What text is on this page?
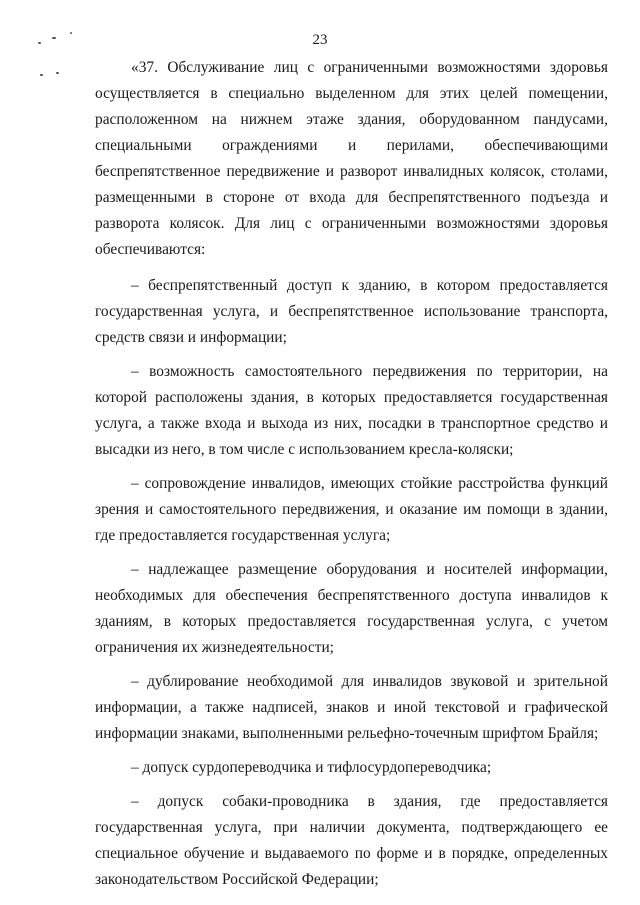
23

«37. Обслуживание лиц с ограниченными возможностями здоровья осуществляется в специально выделенном для этих целей помещении, расположенном на нижнем этаже здания, оборудованном пандусами, специальными ограждениями и перилами, обеспечивающими беспрепятственное передвижение и разворот инвалидных колясок, столами, размещенными в стороне от входа для беспрепятственного подъезда и разворота колясок. Для лиц с ограниченными возможностями здоровья обеспечиваются:

– беспрепятственный доступ к зданию, в котором предоставляется государственная услуга, и беспрепятственное использование транспорта, средств связи и информации;

– возможность самостоятельного передвижения по территории, на которой расположены здания, в которых предоставляется государственная услуга, а также входа и выхода из них, посадки в транспортное средство и высадки из него, в том числе с использованием кресла-коляски;

– сопровождение инвалидов, имеющих стойкие расстройства функций зрения и самостоятельного передвижения, и оказание им помощи в здании, где предоставляется государственная услуга;

– надлежащее размещение оборудования и носителей информации, необходимых для обеспечения беспрепятственного доступа инвалидов к зданиям, в которых предоставляется государственная услуга, с учетом ограничения их жизнедеятельности;

– дублирование необходимой для инвалидов звуковой и зрительной информации, а также надписей, знаков и иной текстовой и графической информации знаками, выполненными рельефно-точечным шрифтом Брайля;

– допуск сурдопереводчика и тифлосурдопереводчика;

– допуск собаки-проводника в здания, где предоставляется государственная услуга, при наличии документа, подтверждающего ее специальное обучение и выдаваемого по форме и в порядке, определенных законодательством Российской Федерации;
